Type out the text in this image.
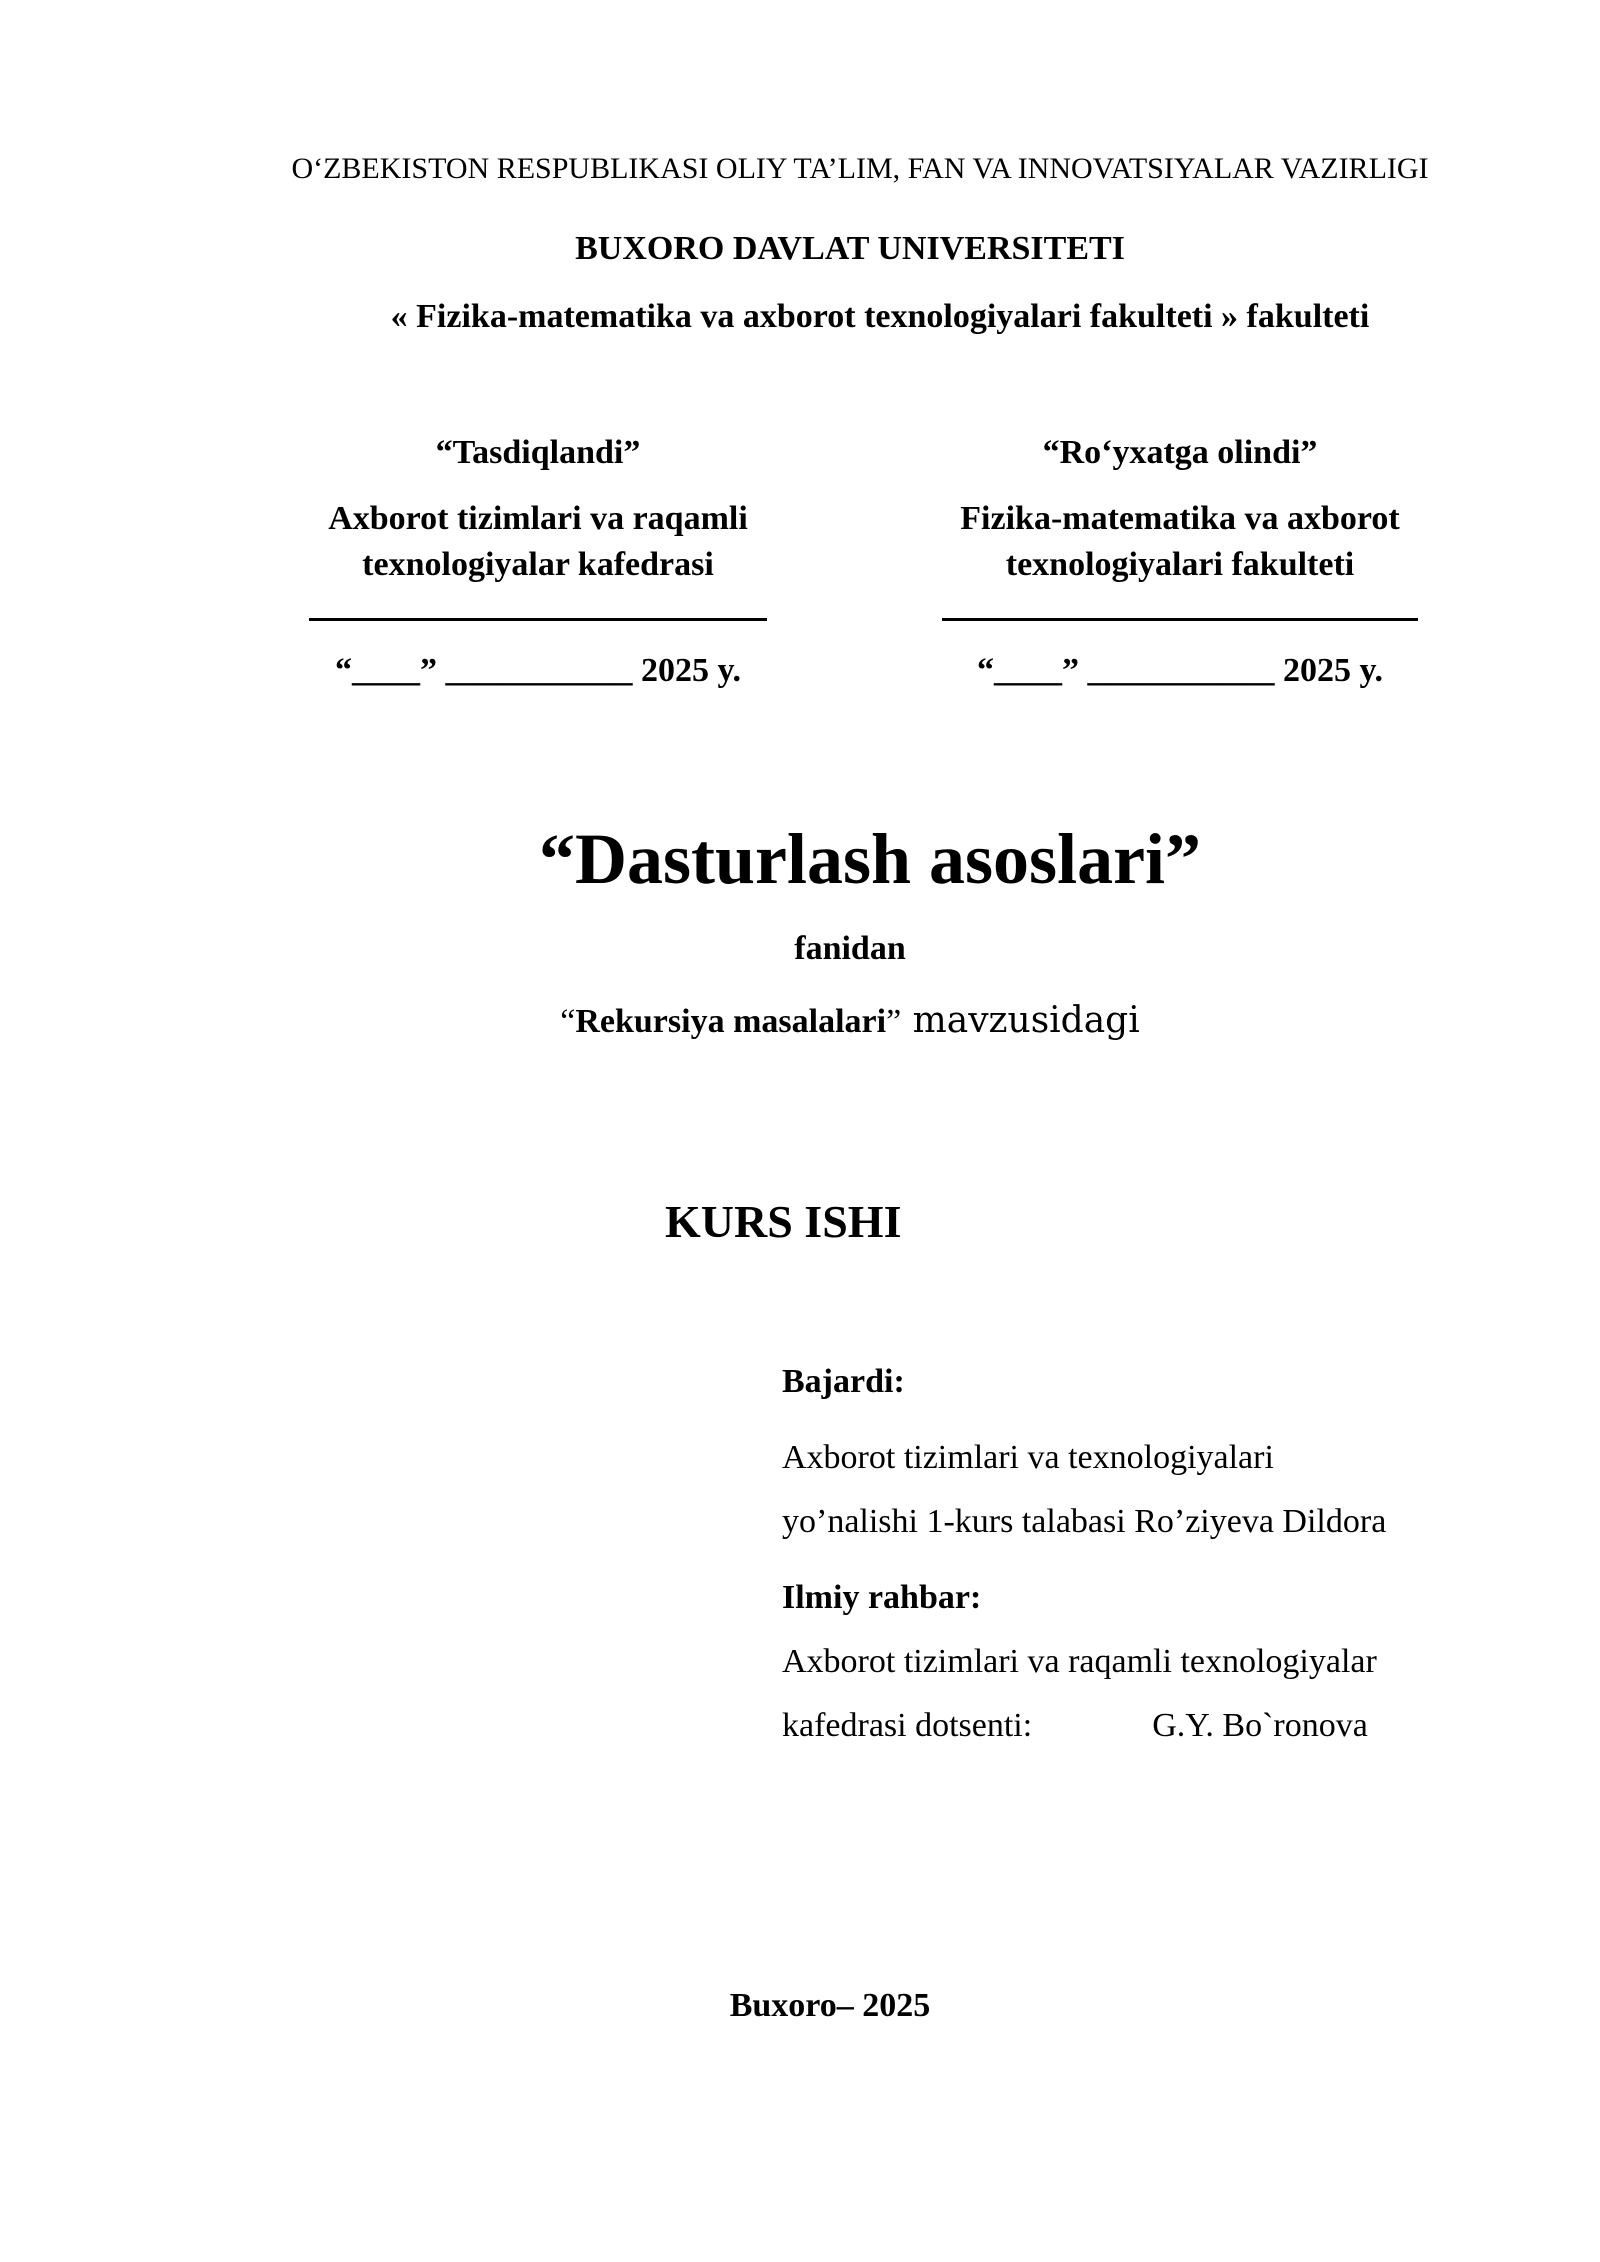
O‘ZBEKISTON RESPUBLIKASI OLIY TA’LIM, FAN VA INNOVATSIYALAR VAZIRLIGI
BUXORO DAVLAT UNIVERSITETI
« Fizika-matematika va axborot texnologiyalari fakulteti » fakulteti
“Tasdiqlandi”
Axborot tizimlari va raqamli
texnologiyalar kafedrasi
“____” ___________ 2025 y.
“Ro‘yxatga olindi”
Fizika-matematika va axborot
texnologiyalari fakulteti
“____” ___________ 2025 y.
“Dasturlash asoslari”
fanidan
“Rekursiya masalalari” mavzusidagi
KURS ISHI
Bajardi:
Axborot tizimlari va texnologiyalari
yo’nalishi 1-kurs talabasi Ro’ziyeva Dildora
Ilmiy rahbar:
Axborot tizimlari va raqamli texnologiyalar
kafedrasi dotsenti:	G.Y. Bo`ronova
Buxoro– 2025
